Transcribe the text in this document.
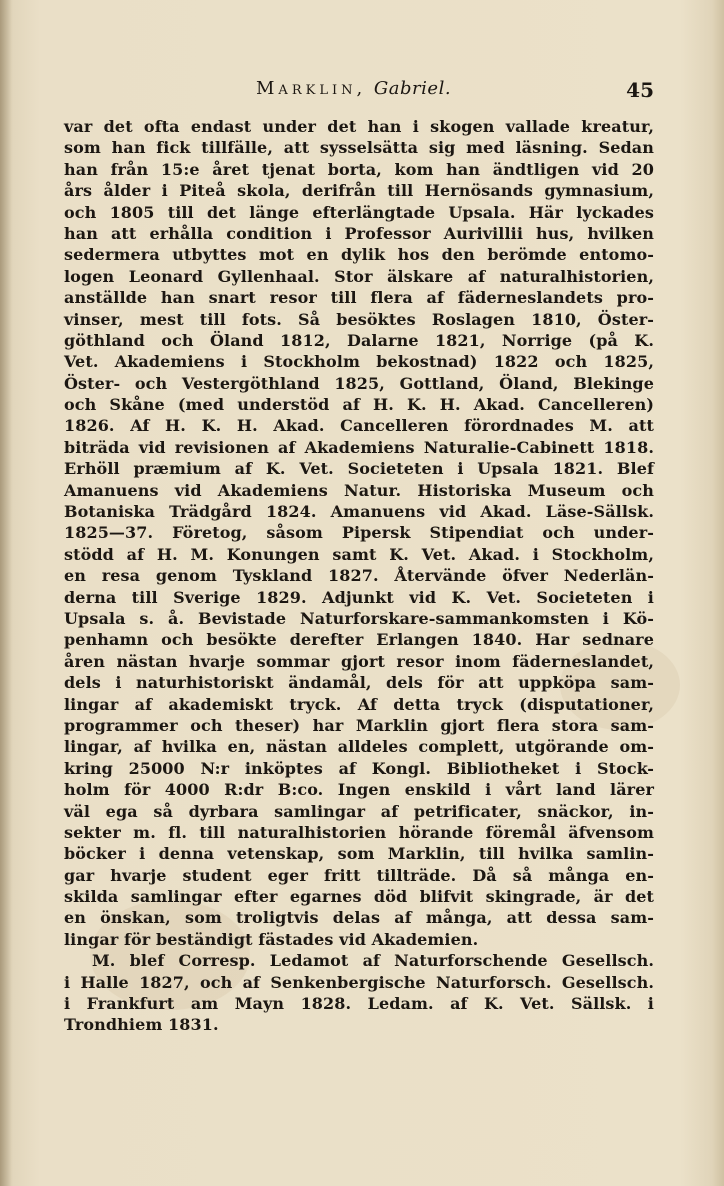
Marklin, Gabriel.	45
var det ofta endast under det han i skogen vallade kreatur,
som han fick tillfälle, att sysselsätta sig med läsning. Sedan
han från 15:e året tjenat borta, kom han ändtligen vid 20
års ålder i Piteå skola, derifrån till Hernösands gymnasium,
och 1805 till det länge efterlängtade Upsala. Här lyckades
han att erhålla condition i Professor Aurivillii hus, hvilken
sedermera utbyttes mot en dylik hos den berömde entomo-
logen Leonard Gyllenhaal. Stor älskare af naturalhistorien,
anställde han snart resor till flera af fäderneslandets pro-
vinser, mest till fots. Så besöktes Roslagen 1810, Öster-
göthland och Öland 1812, Dalarne 1821, Norrige (på K.
Vet. Akademiens i Stockholm bekostnad) 1822 och 1825,
Öster- och Vestergöthland 1825, Gottland, Öland, Blekinge
och Skåne (med understöd af H. K. H. Akad. Cancelleren)
1826. Af H. K. H. Akad. Cancelleren förordnades M. att
biträda vid revisionen af Akademiens Naturalie-Cabinett 1818.
Erhöll præmium af K. Vet. Societeten i Upsala 1821. Blef
Amanuens vid Akademiens Natur. Historiska Museum och
Botaniska Trädgård 1824. Amanuens vid Akad. Läse-Sällsk.
1825—37. Företog, såsom Pipersk Stipendiat och under-
stödd af H. M. Konungen samt K. Vet. Akad. i Stockholm,
en resa genom Tyskland 1827. Återvände öfver Nederlän-
derna till Sverige 1829. Adjunkt vid K. Vet. Societeten i
Upsala s. å. Bevistade Naturforskare-sammankomsten i Kö-
penhamn och besökte derefter Erlangen 1840. Har sednare
åren nästan hvarje sommar gjort resor inom fäderneslandet,
dels i naturhistoriskt ändamål, dels för att uppköpa sam-
lingar af akademiskt tryck. Af detta tryck (disputationer,
programmer och theser) har Marklin gjort flera stora sam-
lingar, af hvilka en, nästan alldeles complett, utgörande om-
kring 25000 N:r inköptes af Kongl. Bibliotheket i Stock-
holm för 4000 R:dr B:co. Ingen enskild i vårt land lärer
väl ega så dyrbara samlingar af petrificater, snäckor, in-
sekter m. fl. till naturalhistorien hörande föremål äfvensom
böcker i denna vetenskap, som Marklin, till hvilka samlin-
gar hvarje student eger fritt tillträde. Då så många en-
skilda samlingar efter egarnes död blifvit skingrade, är det
en önskan, som troligtvis delas af många, att dessa sam-
lingar för beständigt fästades vid Akademien.
M. blef Corresp. Ledamot af Naturforschende Gesellsch.
i Halle 1827, och af Senkenbergische Naturforsch. Gesellsch.
i Frankfurt am Mayn 1828. Ledam. af K. Vet. Sällsk. i
Trondhiem 1831.
